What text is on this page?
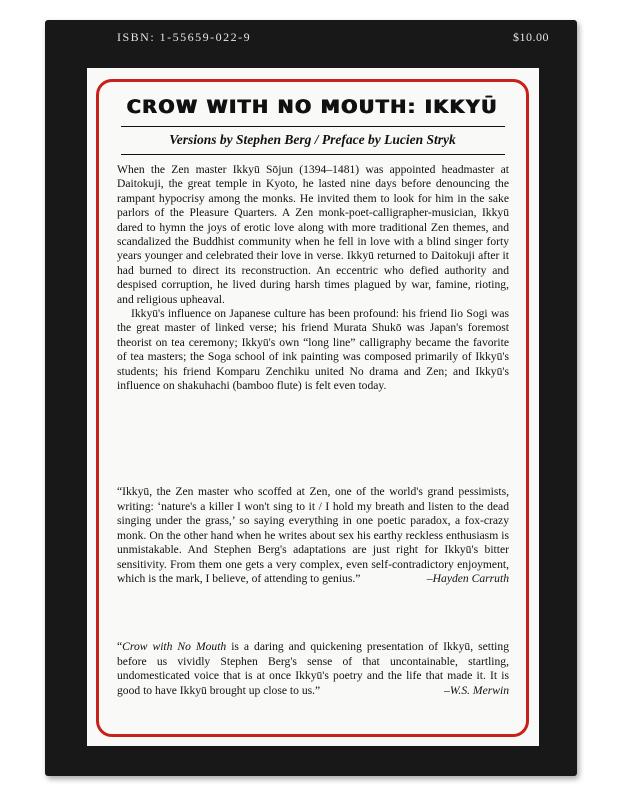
ISBN: 1-55659-022-9	$10.00
CROW WITH NO MOUTH: IKKYŪ
Versions by Stephen Berg / Preface by Lucien Stryk

When the Zen master Ikkyū Sōjun (1394–1481) was appointed headmaster at Daitokuji, the great temple in Kyoto, he lasted nine days before denouncing the rampant hypocrisy among the monks. He invited them to look for him in the sake parlors of the Pleasure Quarters. A Zen monk-poet-calligrapher-musician, Ikkyū dared to hymn the joys of erotic love along with more traditional Zen themes, and scandalized the Buddhist community when he fell in love with a blind singer forty years younger and celebrated their love in verse. Ikkyū returned to Daitokuji after it had burned to direct its reconstruction. An eccentric who defied authority and despised corruption, he lived during harsh times plagued by war, famine, rioting, and religious upheaval.

Ikkyū's influence on Japanese culture has been profound: his friend Iio Sogi was the great master of linked verse; his friend Murata Shukō was Japan's foremost theorist on tea ceremony; Ikkyū's own “long line” calligraphy became the favorite of tea masters; the Soga school of ink painting was composed primarily of Ikkyū's students; his friend Komparu Zenchiku united No drama and Zen; and Ikkyū's influence on shakuhachi (bamboo flute) is felt even today.

“Ikkyū, the Zen master who scoffed at Zen, one of the world's grand pessimists, writing: ‘nature's a killer I won't sing to it / I hold my breath and listen to the dead singing under the grass,’ so saying everything in one poetic paradox, a fox-crazy monk. On the other hand when he writes about sex his earthy reckless enthusiasm is unmistakable. And Stephen Berg's adaptations are just right for Ikkyū's bitter sensitivity. From them one gets a very complex, even self-contradictory enjoyment, which is the mark, I believe, of attending to genius.”	–Hayden Carruth
“Crow with No Mouth is a daring and quickening presentation of Ikkyū, setting before us vividly Stephen Berg's sense of that uncontainable, startling, undomesticated voice that is at once Ikkyū's poetry and the life that made it. It is good to have Ikkyū brought up close to us.”	–W.S. Merwin
